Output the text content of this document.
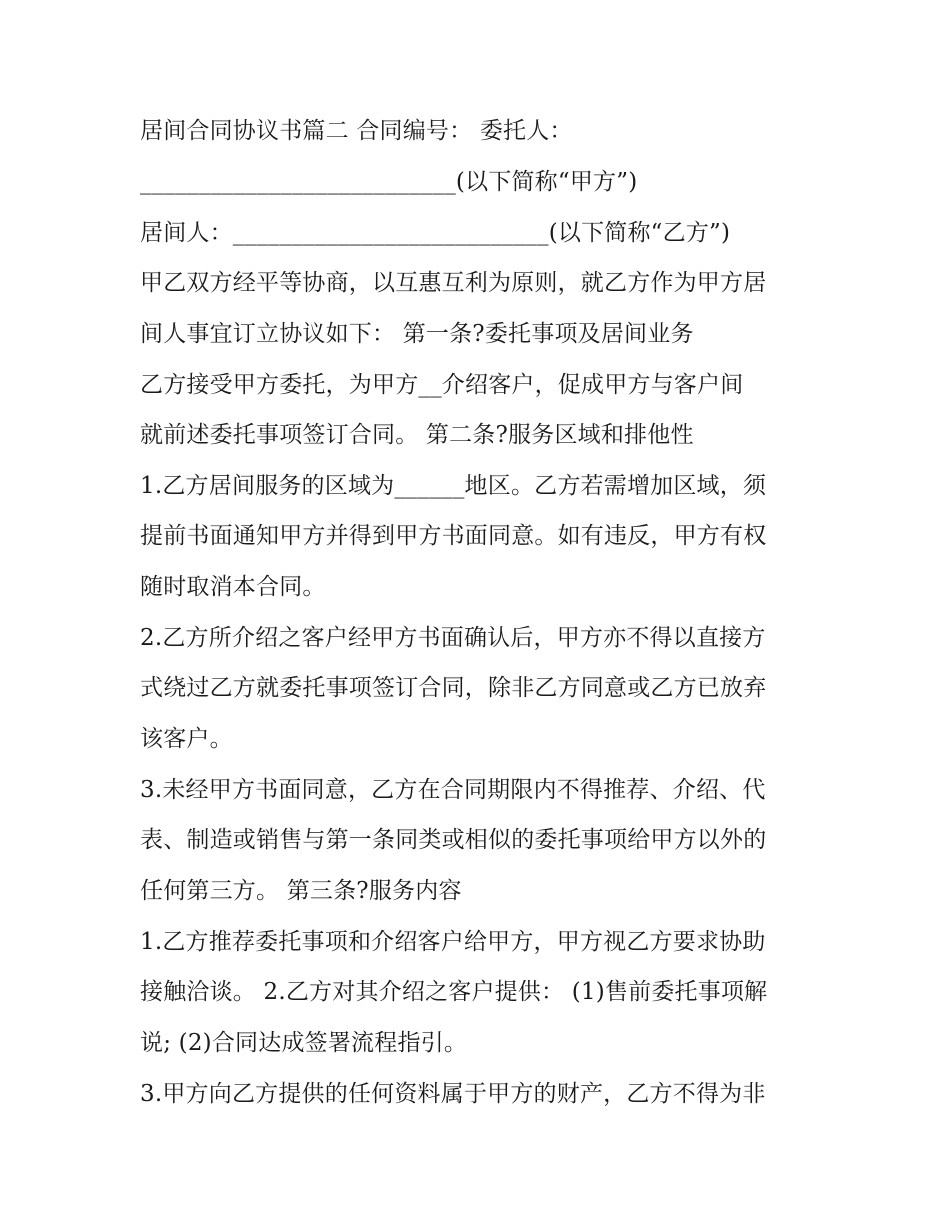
居间合同协议书篇二 合同编号： 委托人：
___________________________(以下简称“甲方”)
居间人：___________________________(以下简称“乙方”)
甲乙双方经平等协商，以互惠互利为原则，就乙方作为甲方居
间人事宜订立协议如下： 第一条?委托事项及居间业务
乙方接受甲方委托，为甲方__介绍客户，促成甲方与客户间
就前述委托事项签订合同。 第二条?服务区域和排他性
1.乙方居间服务的区域为______地区。乙方若需增加区域，须
提前书面通知甲方并得到甲方书面同意。如有违反，甲方有权
随时取消本合同。
2.乙方所介绍之客户经甲方书面确认后，甲方亦不得以直接方
式绕过乙方就委托事项签订合同，除非乙方同意或乙方已放弃
该客户。
3.未经甲方书面同意，乙方在合同期限内不得推荐、介绍、代
表、制造或销售与第一条同类或相似的委托事项给甲方以外的
任何第三方。 第三条?服务内容
1.乙方推荐委托事项和介绍客户给甲方，甲方视乙方要求协助
接触洽谈。 2.乙方对其介绍之客户提供： (1)售前委托事项解
说; (2)合同达成签署流程指引。
3.甲方向乙方提供的任何资料属于甲方的财产，乙方不得为非
